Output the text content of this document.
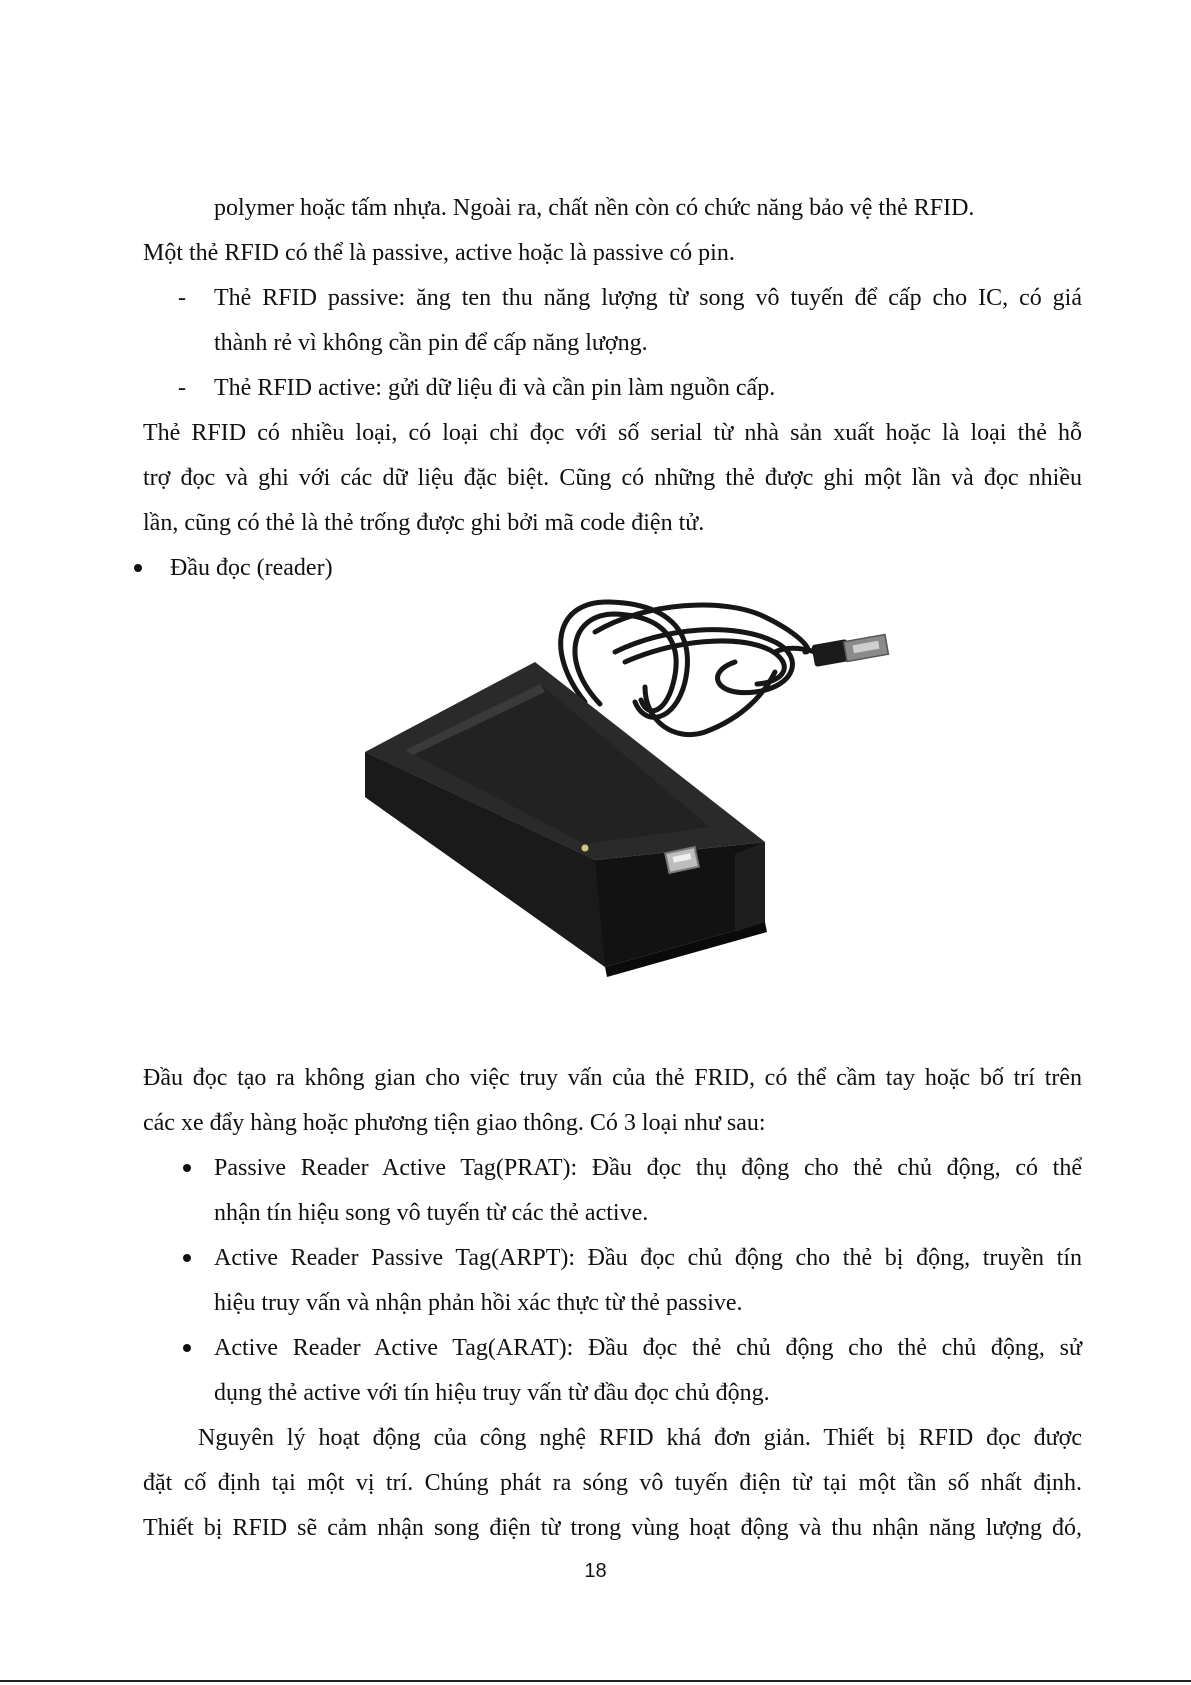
polymer hoặc tấm nhựa. Ngoài ra, chất nền còn có chức năng bảo vệ thẻ RFID.
Một thẻ RFID có thể là passive, active hoặc là passive có pin.
- Thẻ RFID passive: ăng ten thu năng lượng từ song vô tuyến để cấp cho IC, có giá
thành rẻ vì không cần pin để cấp năng lượng.
- Thẻ RFID active: gửi dữ liệu đi và cần pin làm nguồn cấp.
Thẻ RFID có nhiều loại, có loại chỉ đọc với số serial từ nhà sản xuất hoặc là loại thẻ hỗ
trợ đọc và ghi với các dữ liệu đặc biệt. Cũng có những thẻ được ghi một lần và đọc nhiều
lần, cũng có thẻ là thẻ trống được ghi bởi mã code điện tử.
Đầu đọc (reader)
Đầu đọc tạo ra không gian cho việc truy vấn của thẻ FRID, có thể cầm tay hoặc bố trí trên
các xe đẩy hàng hoặc phương tiện giao thông. Có 3 loại như sau:
Passive Reader Active Tag(PRAT): Đầu đọc thụ động cho thẻ chủ động, có thể
nhận tín hiệu song vô tuyến từ các thẻ active.
Active Reader Passive Tag(ARPT): Đầu đọc chủ động cho thẻ bị động, truyền tín
hiệu truy vấn và nhận phản hồi xác thực từ thẻ passive.
Active Reader Active Tag(ARAT): Đầu đọc thẻ chủ động cho thẻ chủ động, sử
dụng thẻ active với tín hiệu truy vấn từ đầu đọc chủ động.
Nguyên lý hoạt động của công nghệ RFID khá đơn giản. Thiết bị RFID đọc được
đặt cố định tại một vị trí. Chúng phát ra sóng vô tuyến điện từ tại một tần số nhất định.
Thiết bị RFID sẽ cảm nhận song điện từ trong vùng hoạt động và thu nhận năng lượng đó,
18
